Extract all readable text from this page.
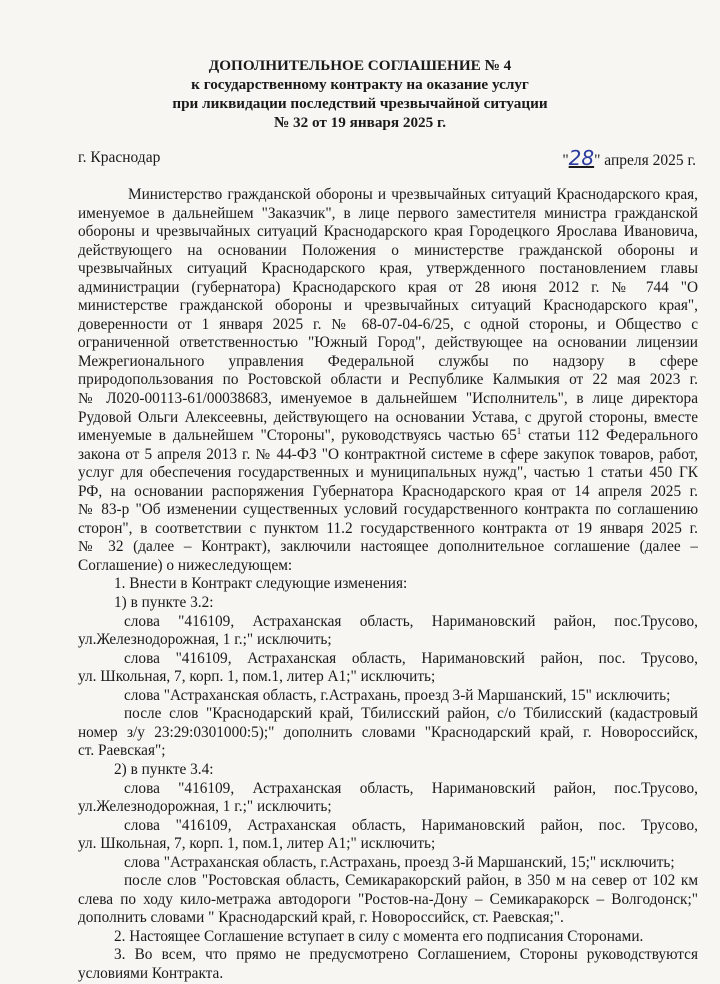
ДОПОЛНИТЕЛЬНОЕ СОГЛАШЕНИЕ № 4
к государственному контракту на оказание услуг
при ликвидации последствий чрезвычайной ситуации
№ 32 от 19 января 2025 г.
г. Краснодар	"28" апреля 2025 г.
Министерство гражданской обороны и чрезвычайных ситуаций Краснодарского края,
именуемое в дальнейшем "Заказчик", в лице первого заместителя министра гражданской
обороны и чрезвычайных ситуаций Краснодарского края Городецкого Ярослава Ивановича,
действующего на основании Положения о министерстве гражданской обороны и
чрезвычайных ситуаций Краснодарского края, утвержденного постановлением главы
администрации (губернатора) Краснодарского края от 28 июня 2012 г. № 744 "О
министерстве гражданской обороны и чрезвычайных ситуаций Краснодарского края",
доверенности от 1 января 2025 г. № 68-07-04-6/25, с одной стороны, и Общество с
ограниченной ответственностью "Южный Город", действующее на основании лицензии
Межрегионального управления Федеральной службы по надзору в сфере
природопользования по Ростовской области и Республике Калмыкия от 22 мая 2023 г.
№ Л020-00113-61/00038683, именуемое в дальнейшем "Исполнитель", в лице директора
Рудовой Ольги Алексеевны, действующего на основании Устава, с другой стороны, вместе
именуемые в дальнейшем "Стороны", руководствуясь частью $65^1$ статьи 112 Федерального
закона от 5 апреля 2013 г. № 44-ФЗ "О контрактной системе в сфере закупок товаров, работ,
услуг для обеспечения государственных и муниципальных нужд", частью 1 статьи 450 ГК
РФ, на основании распоряжения Губернатора Краснодарского края от 14 апреля 2025 г.
№ 83-р "Об изменении существенных условий государственного контракта по соглашению
сторон", в соответствии с пунктом 11.2 государственного контракта от 19 января 2025 г.
№ 32 (далее – Контракт), заключили настоящее дополнительное соглашение (далее –
Соглашение) о нижеследующем:
1. Внести в Контракт следующие изменения:
1) в пункте 3.2:
слова "416109, Астраханская область, Наримановский район, пос.Трусово,
ул.Железнодорожная, 1 г.;" исключить;
слова "416109, Астраханская область, Наримановский район, пос. Трусово,
ул. Школьная, 7, корп. 1, пом.1, литер А1;" исключить;
слова "Астраханская область, г.Астрахань, проезд 3-й Маршанский, 15" исключить;
после слов "Краснодарский край, Тбилисский район, с/о Тбилисский (кадастровый
номер з/у 23:29:0301000:5);" дополнить словами "Краснодарский край, г. Новороссийск,
ст. Раевская";
2) в пункте 3.4:
слова "416109, Астраханская область, Наримановский район, пос.Трусово,
ул.Железнодорожная, 1 г.;" исключить;
слова "416109, Астраханская область, Наримановский район, пос. Трусово,
ул. Школьная, 7, корп. 1, пом.1, литер А1;" исключить;
слова "Астраханская область, г.Астрахань, проезд 3-й Маршанский, 15;" исключить;
после слов "Ростовская область, Семикаракорский район, в 350 м на север от 102 км
слева по ходу кило-метража автодороги "Ростов-на-Дону – Семикаракорск – Волгодонск;"
дополнить словами " Краснодарский край, г. Новороссийск, ст. Раевская;".
2. Настоящее Соглашение вступает в силу с момента его подписания Сторонами.
3. Во всем, что прямо не предусмотрено Соглашением, Стороны руководствуются
условиями Контракта.
